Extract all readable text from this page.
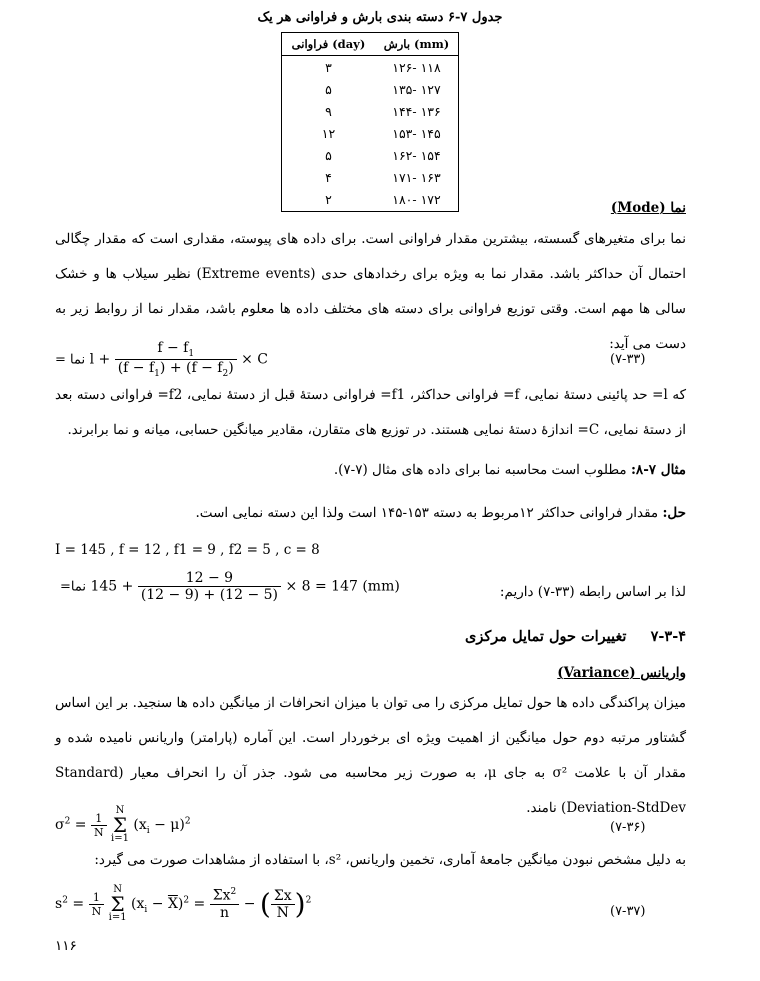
جدول ۷-۶ دسته بندی بارش و فراوانی هر یک
فراوانی (day)	بارش (mm)
۳	۱۲۶- ۱۱۸
۵	۱۳۵- ۱۲۷
۹	۱۴۴- ۱۳۶
۱۲	۱۵۳- ۱۴۵
۵	۱۶۲- ۱۵۴
۴	۱۷۱- ۱۶۳
۲	۱۸۰- ۱۷۲
نما (Mode)
نما برای متغیرهای گسسته، بیشترین مقدار فراوانی است. برای داده های پیوسته، مقداری است که مقدار چگالی احتمال آن حداکثر باشد. مقدار نما به ویژه برای رخدادهای حدی (Extreme events) نظیر سیلاب ها و خشک سالی ها مهم است. وقتی توزیع فراوانی برای دسته های مختلف داده ها معلوم باشد، مقدار نما از روابط زیر به دست می آید:
نما = $l + \frac{f - f_1}{(f - f_1) + (f - f_2)} \times C$	(۷-۳۳)
که l= حد پائینی دستهٔ نمایی، f= فراوانی حداکثر، f1= فراوانی دستهٔ قبل از دستهٔ نمایی، f2= فراوانی دسته بعد از دستهٔ نمایی، C= اندازهٔ دستهٔ نمایی هستند. در توزیع های متقارن، مقادیر میانگین حسابی، میانه و نما برابرند.
مثال ۷-۸: مطلوب است محاسبه نما برای داده های مثال (۷-۷).
حل: مقدار فراوانی حداکثر ۱۲مربوط به دسته ۱۵۳-۱۴۵ است ولذا این دسته نمایی است.
I = 145 , f = 12 , f1 = 9 , f2 = 5 , c = 8
نما= $145 + \frac{12 - 9}{(12 - 9) + (12 - 5)} \times 8 = 147$ (mm)	لذا بر اساس رابطه (۳۳-۷) داریم:
۷-۳-۴  تغییرات حول تمایل مرکزی
واریانس (Variance)
میزان پراکندگی داده ها حول تمایل مرکزی را می توان با میزان انحرافات از میانگین داده ها سنجید. بر این اساس گشتاور مرتبه دوم حول میانگین از اهمیت ویژه ای برخوردار است. این آماره (پارامتر) واریانس نامیده شده و مقدار آن با علامت σ² به جای μ، به صورت زیر محاسبه می شود. جذر آن را انحراف معیار (Standard Deviation-StdDev) نامند.
$\sigma^2 = \frac{1}{N}$
N
Σ
i=1 $(x_i - \mu)^2$	(۷-۳۶)
به دلیل مشخص نبودن میانگین جامعهٔ آماری، تخمین واریانس، s²، با استفاده از مشاهدات صورت می گیرد:
$s^2 = \frac{1}{N}$
N
Σ
i=1 $(x_i - \overline{X})^2 = \frac{\Sigma x^2}{n}$ − ( $\frac{\Sigma x}{N} )^2$
(۷-۳۷)
۱۱۶
